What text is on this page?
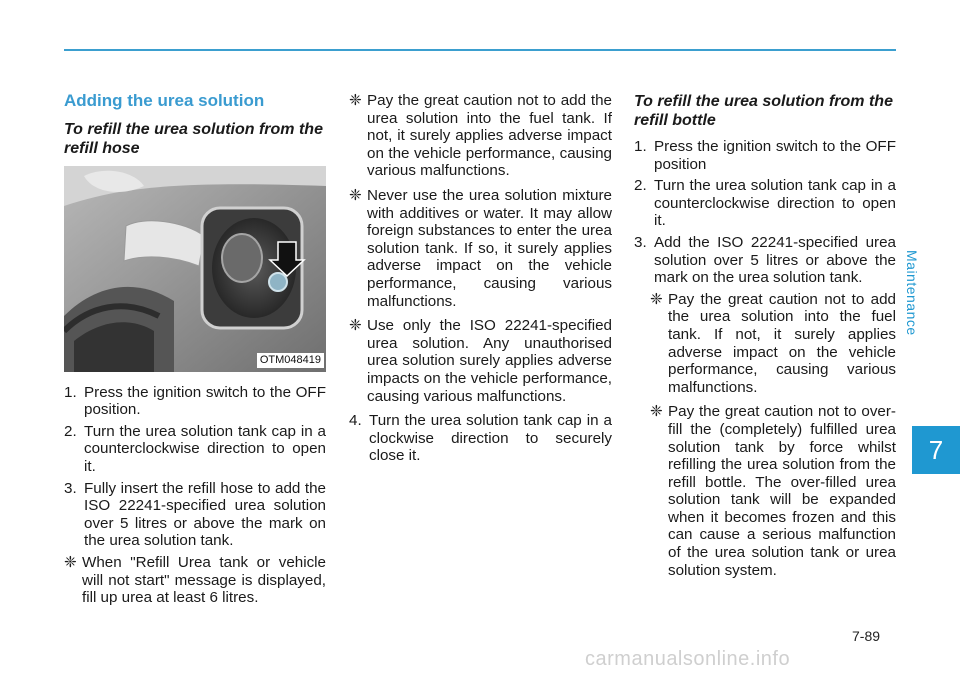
Adding the urea solution
To refill the urea solution from the refill hose
OTM048419
1. Press the ignition switch to the OFF position.
2. Turn the urea solution tank cap in a counterclockwise direction to open it.
3. Fully insert the refill hose to add the ISO 22241-specified urea solution over 5 litres or above the mark on the urea solution tank.
❈ When "Refill Urea tank or vehicle will not start" message is displayed, fill up urea at least 6 litres.
❈ Pay the great caution not to add the urea solution into the fuel tank. If not, it surely applies adverse impact on the vehicle performance, causing various malfunctions.
❈ Never use the urea solution mixture with additives or water. It may allow foreign substances to enter the urea solution tank. If so, it surely applies adverse impact on the vehicle performance, causing various malfunctions.
❈ Use only the ISO 22241-specified urea solution. Any unauthorised urea solution surely applies adverse impacts on the vehicle performance, causing various malfunctions.
4. Turn the urea solution tank cap in a clockwise direction to securely close it.
To refill the urea solution from the refill bottle
1. Press the ignition switch to the OFF position
2. Turn the urea solution tank cap in a counterclockwise direction to open it.
3. Add the ISO 22241-specified urea solution over 5 litres or above the mark on the urea solution tank.
❈ Pay the great caution not to add the urea solution into the fuel tank. If not, it surely applies adverse impact on the vehicle performance, causing various malfunctions.
❈ Pay the great caution not to over-fill the (completely) fulfilled urea solution tank by force whilst refilling the urea solution from the refill bottle. The over-filled urea solution tank will be expanded when it becomes frozen and this can cause a serious malfunction of the urea solution tank or urea solution system.
Maintenance
7
7-89
carmanualsonline.info
